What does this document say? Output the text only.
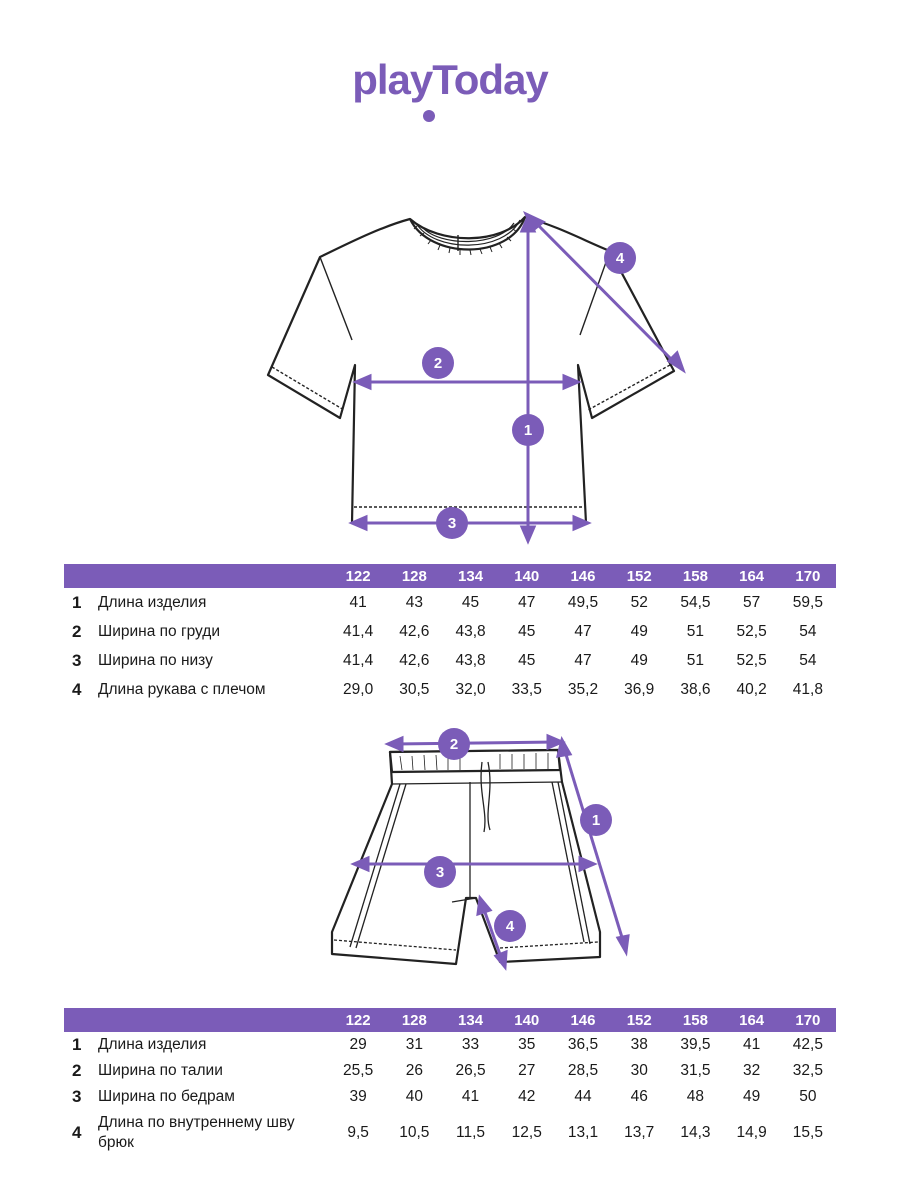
playToday
1
2
3
4
		122	128	134	140	146	152	158	164	170
1	Длина изделия	41	43	45	47	49,5	52	54,5	57	59,5
2	Ширина по груди	41,4	42,6	43,8	45	47	49	51	52,5	54
3	Ширина по низу	41,4	42,6	43,8	45	47	49	51	52,5	54
4	Длина рукава с плечом	29,0	30,5	32,0	33,5	35,2	36,9	38,6	40,2	41,8
1
2
3
4
		122	128	134	140	146	152	158	164	170
1	Длина изделия	29	31	33	35	36,5	38	39,5	41	42,5
2	Ширина по талии	25,5	26	26,5	27	28,5	30	31,5	32	32,5
3	Ширина по бедрам	39	40	41	42	44	46	48	49	50
4	Длина по внутреннему шву брюк	9,5	10,5	11,5	12,5	13,1	13,7	14,3	14,9	15,5
